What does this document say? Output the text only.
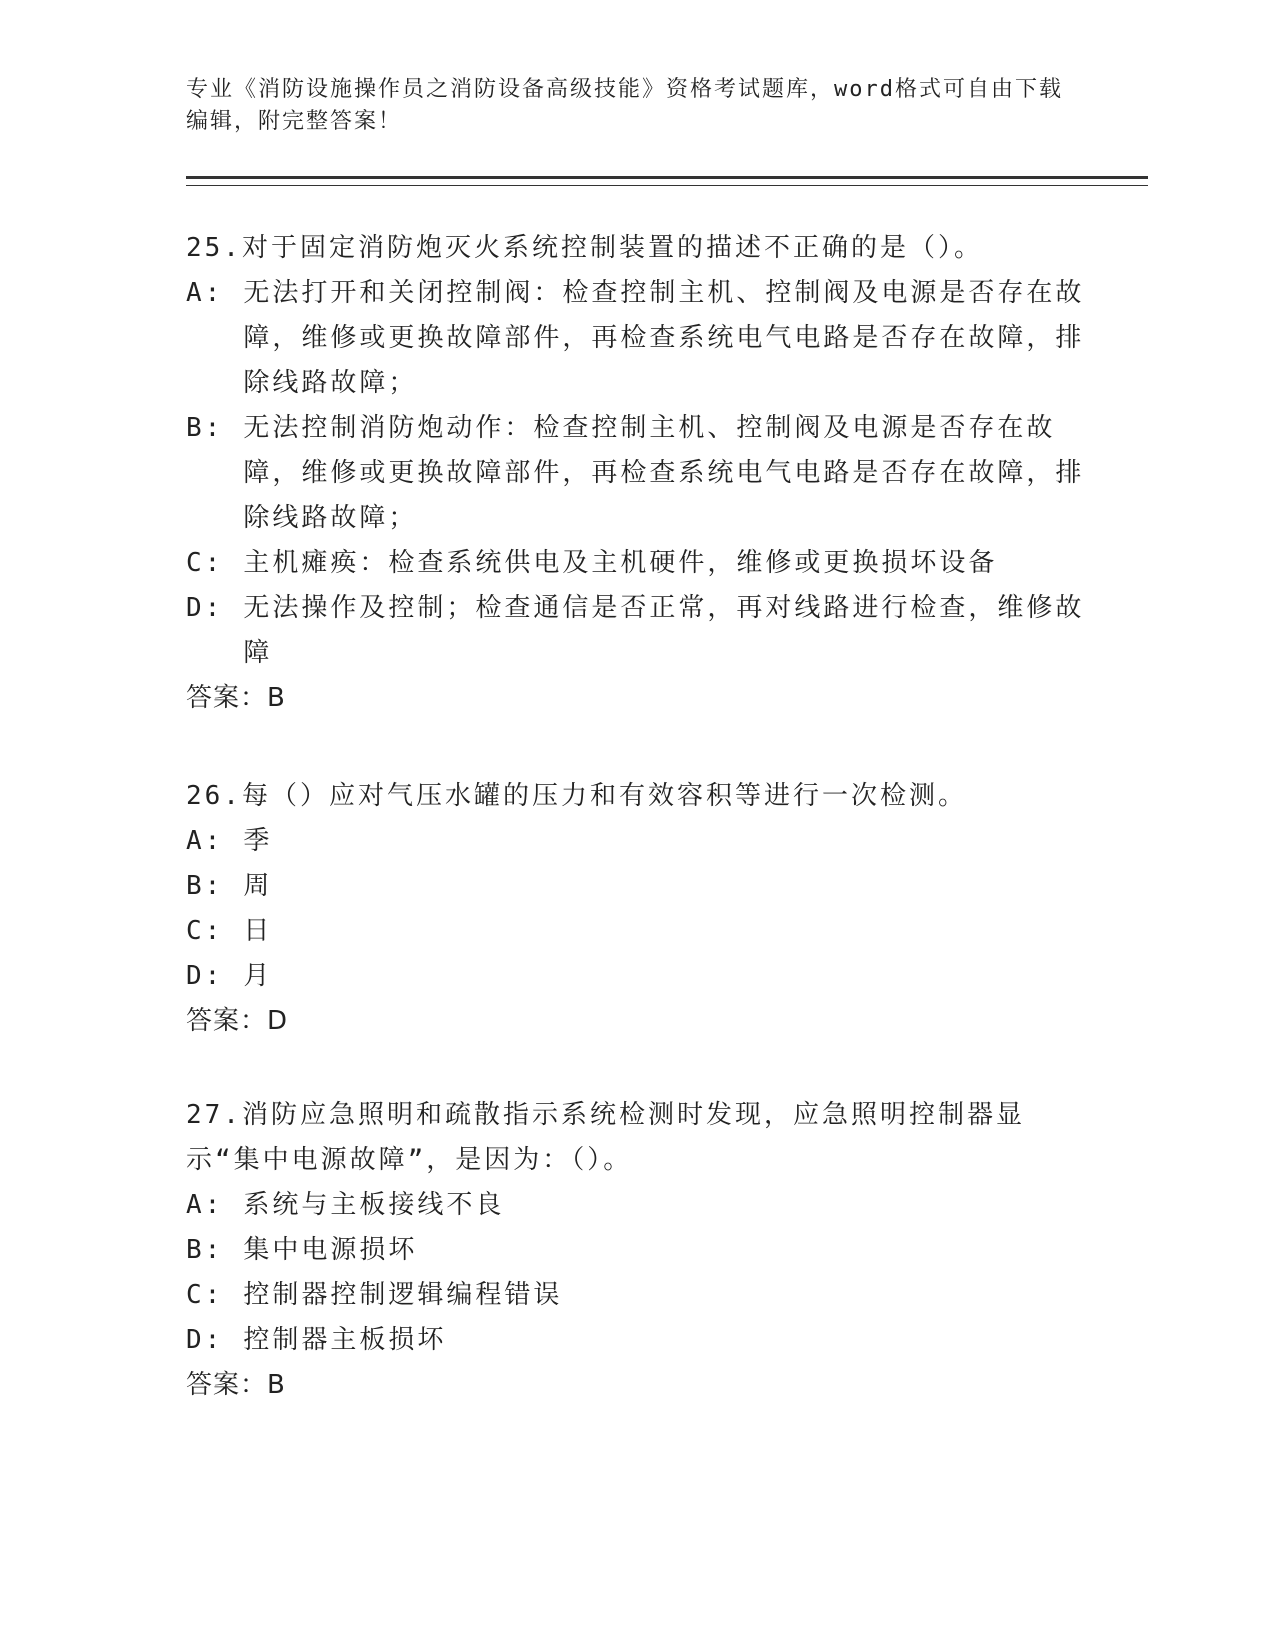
专业《消防设施操作员之消防设备高级技能》资格考试题库，word格式可自由下载编辑，附完整答案！

25.对于固定消防炮灭火系统控制装置的描述不正确的是（）。

A : 无法打开和关闭控制阀：检查控制主机、控制阀及电源是否存在故障，维修或更换故障部件，再检查系统电气电路是否存在故障，排除线路故障；

B : 无法控制消防炮动作：检查控制主机、控制阀及电源是否存在故障，维修或更换故障部件，再检查系统电气电路是否存在故障，排除线路故障；

C : 主机瘫痪：检查系统供电及主机硬件，维修或更换损坏设备

D : 无法操作及控制；检查通信是否正常，再对线路进行检查，维修故障

答案：B

26.每（）应对气压水罐的压力和有效容积等进行一次检测。

A : 季

B : 周

C : 日

D : 月

答案：D

27.消防应急照明和疏散指示系统检测时发现，应急照明控制器显示“集中电源故障”，是因为：（）。

A : 系统与主板接线不良

B : 集中电源损坏

C : 控制器控制逻辑编程错误

D : 控制器主板损坏

答案：B
